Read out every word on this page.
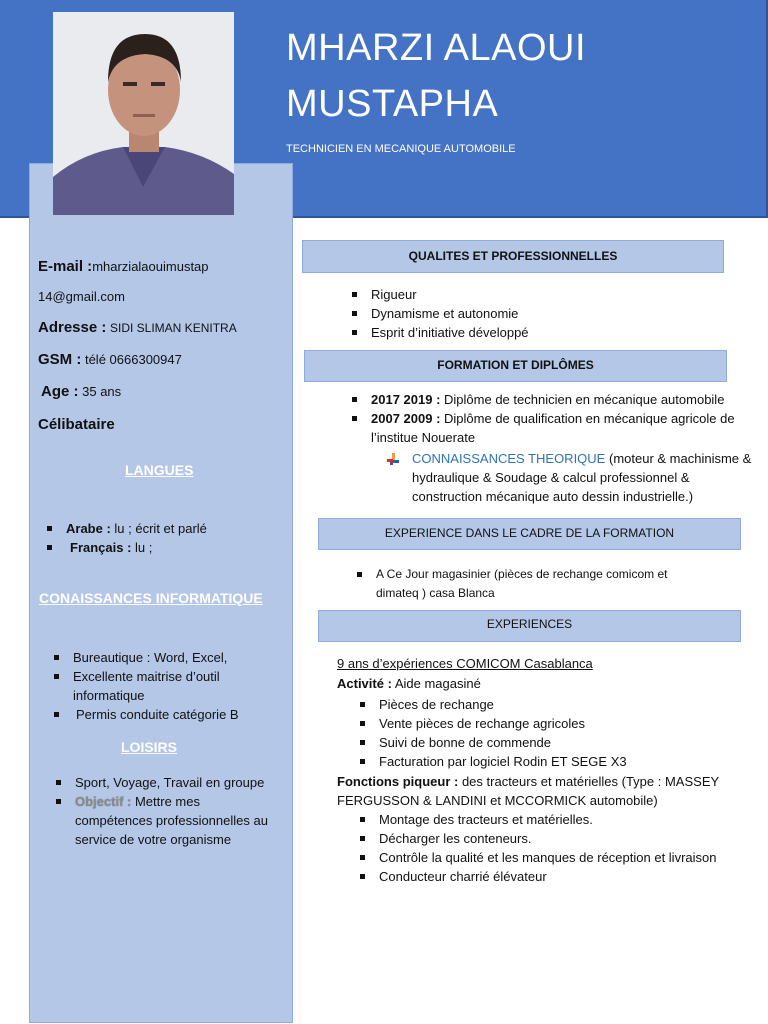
MHARZI ALAOUI
MUSTAPHA
TECHNICIEN EN MECANIQUE AUTOMOBILE
E-mail :mharzialaouimustap
14@gmail.com
Adresse : SIDI SLIMAN KENITRA
GSM : télé 0666300947
Age : 35 ans
Célibataire
LANGUES
Arabe : lu ; écrit et parlé
Français : lu ;
CONAISSANCES INFORMATIQUE
Bureautique : Word, Excel,
Excellente maitrise d’outil informatique
Permis conduite catégorie B
LOISIRS
Sport, Voyage, Travail en groupe
Objectif : Mettre mes compétences professionnelles au service de votre organisme
QUALITES ET PROFESSIONNELLES
Rigueur
Dynamisme et autonomie
Esprit d’initiative développé
FORMATION ET DIPLÔMES
2017 2019 : Diplôme de technicien en mécanique automobile
2007 2009 : Diplôme de qualification en mécanique agricole de l’institue Nouerate
CONNAISSANCES THEORIQUE (moteur & machinisme & hydraulique & Soudage & calcul professionnel & construction mécanique auto dessin industrielle.)
EXPERIENCE DANS LE CADRE DE LA FORMATION
A Ce Jour magasinier (pièces de rechange comicom et dimateq ) casa Blanca
EXPERIENCES
9 ans d’expériences COMICOM Casablanca
Activité : Aide magasiné
Pièces de rechange
Vente pièces de rechange agricoles
Suivi de bonne de commende
Facturation par logiciel Rodin ET SEGE X3
Fonctions piqueur : des tracteurs et matérielles (Type : MASSEY FERGUSSON & LANDINI et MCCORMICK automobile)
Montage des tracteurs et matérielles.
Décharger les conteneurs.
Contrôle la qualité et les manques de réception et livraison
Conducteur charrié élévateur
